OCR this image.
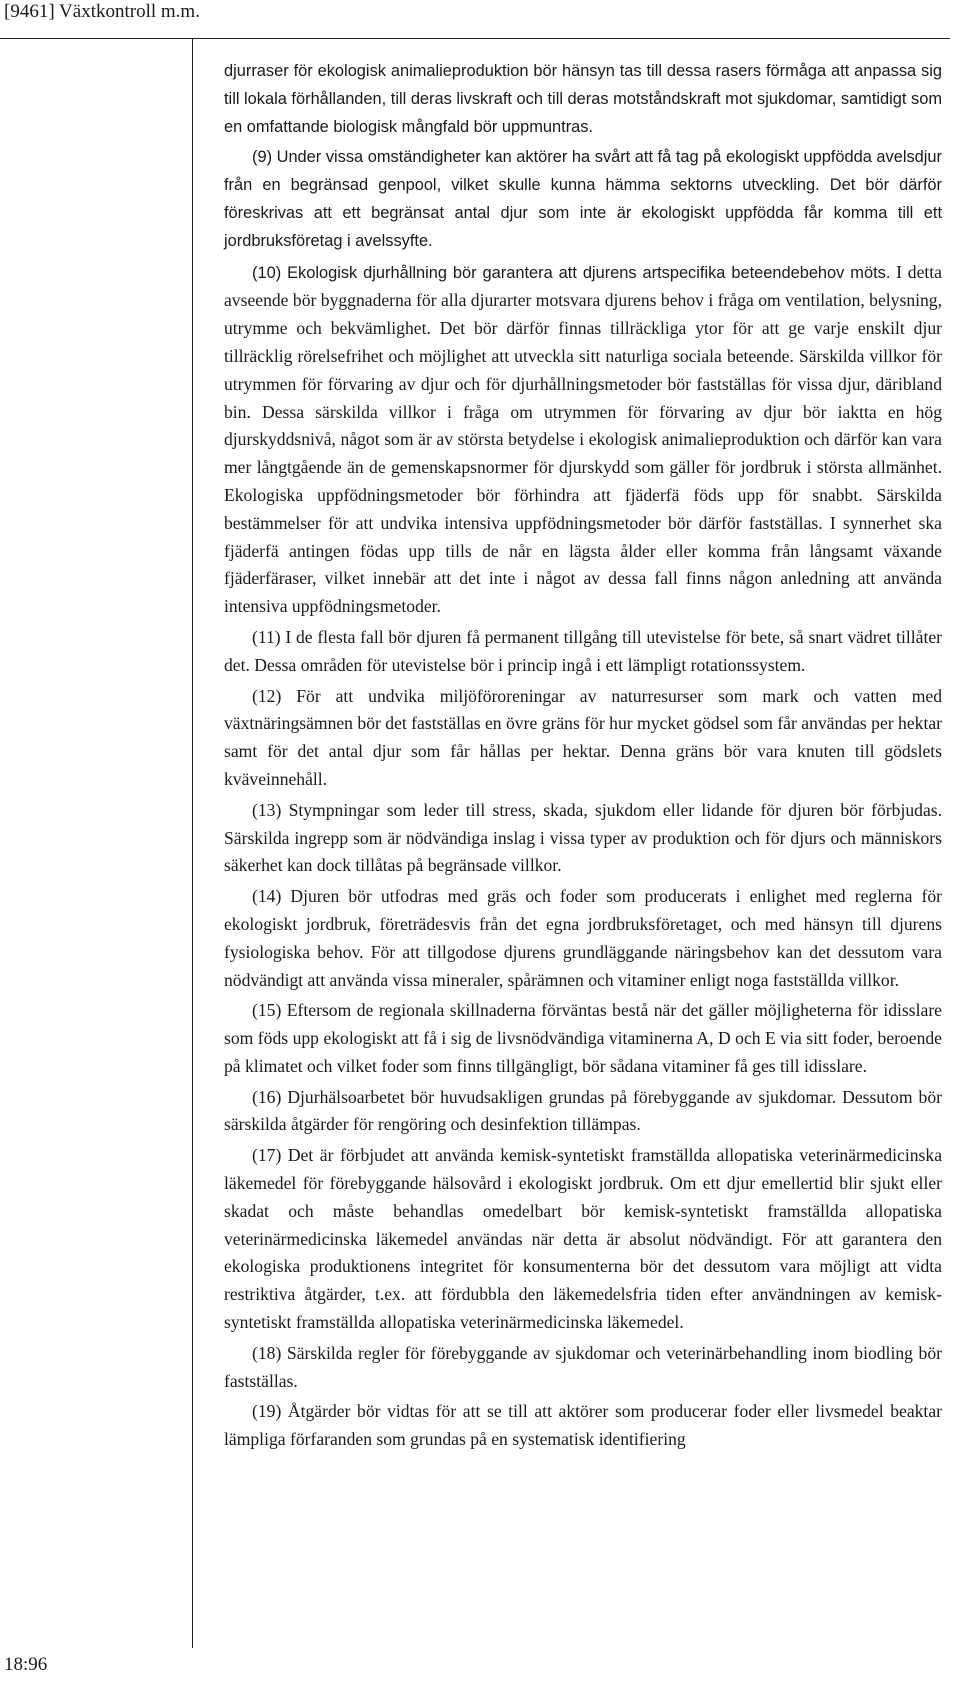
[9461] Växtkontroll m.m.

djurraser för ekologisk animalieproduktion bör hänsyn tas till dessa rasers förmåga att anpassa sig till lokala förhållanden, till deras livskraft och till deras motståndskraft mot sjukdomar, samtidigt som en omfattande biologisk mångfald bör uppmuntras.

(9) Under vissa omständigheter kan aktörer ha svårt att få tag på ekologiskt uppfödda avelsdjur från en begränsad genpool, vilket skulle kunna hämma sektorns utveckling. Det bör därför föreskrivas att ett begränsat antal djur som inte är ekologiskt uppfödda får komma till ett jordbruksföretag i avelssyfte.

(10) Ekologisk djurhållning bör garantera att djurens artspecifika beteendebehov möts. I detta avseende bör byggnaderna för alla djurarter motsvara djurens behov i fråga om ventilation, belysning, utrymme och bekvämlighet. Det bör därför finnas tillräckliga ytor för att ge varje enskilt djur tillräcklig rörelsefrihet och möjlighet att utveckla sitt naturliga sociala beteende. Särskilda villkor för utrymmen för förvaring av djur och för djurhållningsmetoder bör fastställas för vissa djur, däribland bin. Dessa särskilda villkor i fråga om utrymmen för förvaring av djur bör iaktta en hög djurskyddsnivå, något som är av största betydelse i ekologisk animalieproduktion och därför kan vara mer långtgående än de gemenskapsnormer för djurskydd som gäller för jordbruk i största allmänhet. Ekologiska uppfödningsmetoder bör förhindra att fjäderfä föds upp för snabbt. Särskilda bestämmelser för att undvika intensiva uppfödningsmetoder bör därför fastställas. I synnerhet ska fjäderfä antingen födas upp tills de når en lägsta ålder eller komma från långsamt växande fjäderfäraser, vilket innebär att det inte i något av dessa fall finns någon anledning att använda intensiva uppfödningsmetoder.

(11) I de flesta fall bör djuren få permanent tillgång till utevistelse för bete, så snart vädret tillåter det. Dessa områden för utevistelse bör i princip ingå i ett lämpligt rotationssystem.

(12) För att undvika miljöföroreningar av naturresurser som mark och vatten med växtnäringsämnen bör det fastställas en övre gräns för hur mycket gödsel som får användas per hektar samt för det antal djur som får hållas per hektar. Denna gräns bör vara knuten till gödslets kväveinnehåll.

(13) Stympningar som leder till stress, skada, sjukdom eller lidande för djuren bör förbjudas. Särskilda ingrepp som är nödvändiga inslag i vissa typer av produktion och för djurs och människors säkerhet kan dock tillåtas på begränsade villkor.

(14) Djuren bör utfodras med gräs och foder som producerats i enlighet med reglerna för ekologiskt jordbruk, företrädesvis från det egna jordbruksföretaget, och med hänsyn till djurens fysiologiska behov. För att tillgodose djurens grundläggande näringsbehov kan det dessutom vara nödvändigt att använda vissa mineraler, spårämnen och vitaminer enligt noga fastställda villkor.

(15) Eftersom de regionala skillnaderna förväntas bestå när det gäller möjligheterna för idisslare som föds upp ekologiskt att få i sig de livsnödvändiga vitaminerna A, D och E via sitt foder, beroende på klimatet och vilket foder som finns tillgängligt, bör sådana vitaminer få ges till idisslare.

(16) Djurhälsoarbetet bör huvudsakligen grundas på förebyggande av sjukdomar. Dessutom bör särskilda åtgärder för rengöring och desinfektion tillämpas.

(17) Det är förbjudet att använda kemisk-syntetiskt framställda allopatiska veterinärmedicinska läkemedel för förebyggande hälsovård i ekologiskt jordbruk. Om ett djur emellertid blir sjukt eller skadat och måste behandlas omedelbart bör kemisk-syntetiskt framställda allopatiska veterinärmedicinska läkemedel användas när detta är absolut nödvändigt. För att garantera den ekologiska produktionens integritet för konsumenterna bör det dessutom vara möjligt att vidta restriktiva åtgärder, t.ex. att fördubbla den läkemedelsfria tiden efter användningen av kemisk-syntetiskt framställda allopatiska veterinärmedicinska läkemedel.

(18) Särskilda regler för förebyggande av sjukdomar och veterinärbehandling inom biodling bör fastställas.

(19) Åtgärder bör vidtas för att se till att aktörer som producerar foder eller livsmedel beaktar lämpliga förfaranden som grundas på en systematisk identifiering

18:96
